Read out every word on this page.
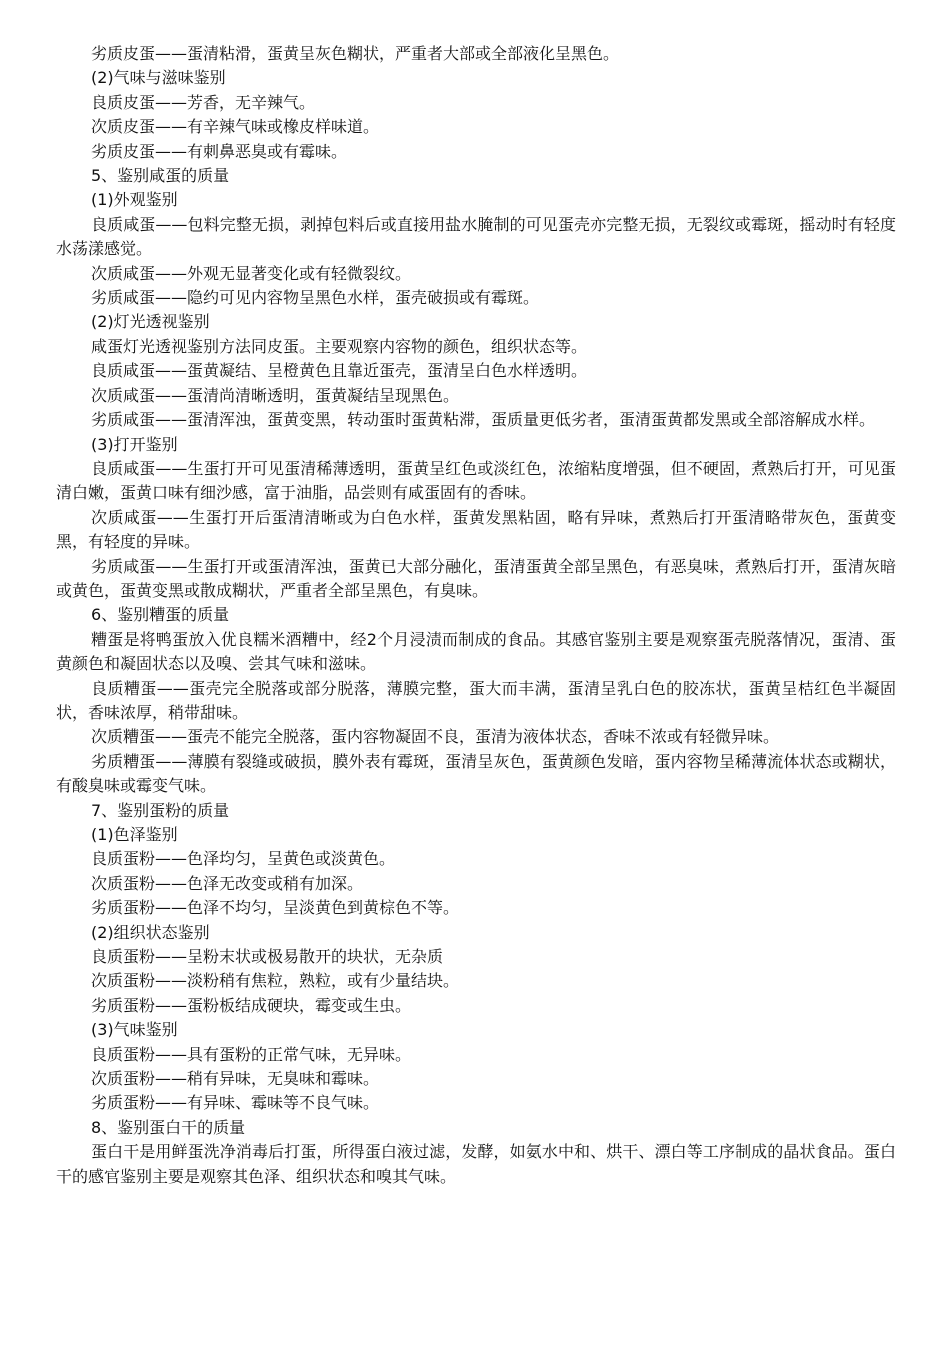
劣质皮蛋——蛋清粘滑，蛋黄呈灰色糊状，严重者大部或全部液化呈黑色。

(2)气味与滋味鉴别

良质皮蛋——芳香，无辛辣气。

次质皮蛋——有辛辣气味或橡皮样味道。

劣质皮蛋——有刺鼻恶臭或有霉味。

5、鉴别咸蛋的质量

(1)外观鉴别

良质咸蛋——包料完整无损，剥掉包料后或直接用盐水腌制的可见蛋壳亦完整无损，无裂纹或霉斑，摇动时有轻度水荡漾感觉。

次质咸蛋——外观无显著变化或有轻微裂纹。

劣质咸蛋——隐约可见内容物呈黑色水样，蛋壳破损或有霉斑。

(2)灯光透视鉴别

咸蛋灯光透视鉴别方法同皮蛋。主要观察内容物的颜色，组织状态等。

良质咸蛋——蛋黄凝结、呈橙黄色且靠近蛋壳，蛋清呈白色水样透明。

次质咸蛋——蛋清尚清晰透明，蛋黄凝结呈现黑色。

劣质咸蛋——蛋清浑浊，蛋黄变黑，转动蛋时蛋黄粘滞，蛋质量更低劣者，蛋清蛋黄都发黑或全部溶解成水样。

(3)打开鉴别

良质咸蛋——生蛋打开可见蛋清稀薄透明，蛋黄呈红色或淡红色，浓缩粘度增强，但不硬固，煮熟后打开，可见蛋清白嫩，蛋黄口味有细沙感，富于油脂，品尝则有咸蛋固有的香味。

次质咸蛋——生蛋打开后蛋清清晰或为白色水样，蛋黄发黑粘固，略有异味，煮熟后打开蛋清略带灰色，蛋黄变黑，有轻度的异味。

劣质咸蛋——生蛋打开或蛋清浑浊，蛋黄已大部分融化，蛋清蛋黄全部呈黑色，有恶臭味，煮熟后打开，蛋清灰暗或黄色，蛋黄变黑或散成糊状，严重者全部呈黑色，有臭味。

6、鉴别糟蛋的质量

糟蛋是将鸭蛋放入优良糯米酒糟中，经2个月浸渍而制成的食品。其感官鉴别主要是观察蛋壳脱落情况，蛋清、蛋黄颜色和凝固状态以及嗅、尝其气味和滋味。

良质糟蛋——蛋壳完全脱落或部分脱落，薄膜完整，蛋大而丰满，蛋清呈乳白色的胶冻状，蛋黄呈桔红色半凝固状，香味浓厚，稍带甜味。

次质糟蛋——蛋壳不能完全脱落，蛋内容物凝固不良，蛋清为液体状态，香味不浓或有轻微异味。

劣质糟蛋——薄膜有裂缝或破损，膜外表有霉斑，蛋清呈灰色，蛋黄颜色发暗，蛋内容物呈稀薄流体状态或糊状，有酸臭味或霉变气味。

7、鉴别蛋粉的质量

(1)色泽鉴别

良质蛋粉——色泽均匀，呈黄色或淡黄色。

次质蛋粉——色泽无改变或稍有加深。

劣质蛋粉——色泽不均匀，呈淡黄色到黄棕色不等。

(2)组织状态鉴别

良质蛋粉——呈粉末状或极易散开的块状，无杂质

次质蛋粉——淡粉稍有焦粒，熟粒，或有少量结块。

劣质蛋粉——蛋粉板结成硬块，霉变或生虫。

(3)气味鉴别

良质蛋粉——具有蛋粉的正常气味，无异味。

次质蛋粉——稍有异味，无臭味和霉味。

劣质蛋粉——有异味、霉味等不良气味。

8、鉴别蛋白干的质量

蛋白干是用鲜蛋洗净消毒后打蛋，所得蛋白液过滤，发酵，如氨水中和、烘干、漂白等工序制成的晶状食品。蛋白干的感官鉴别主要是观察其色泽、组织状态和嗅其气味。
